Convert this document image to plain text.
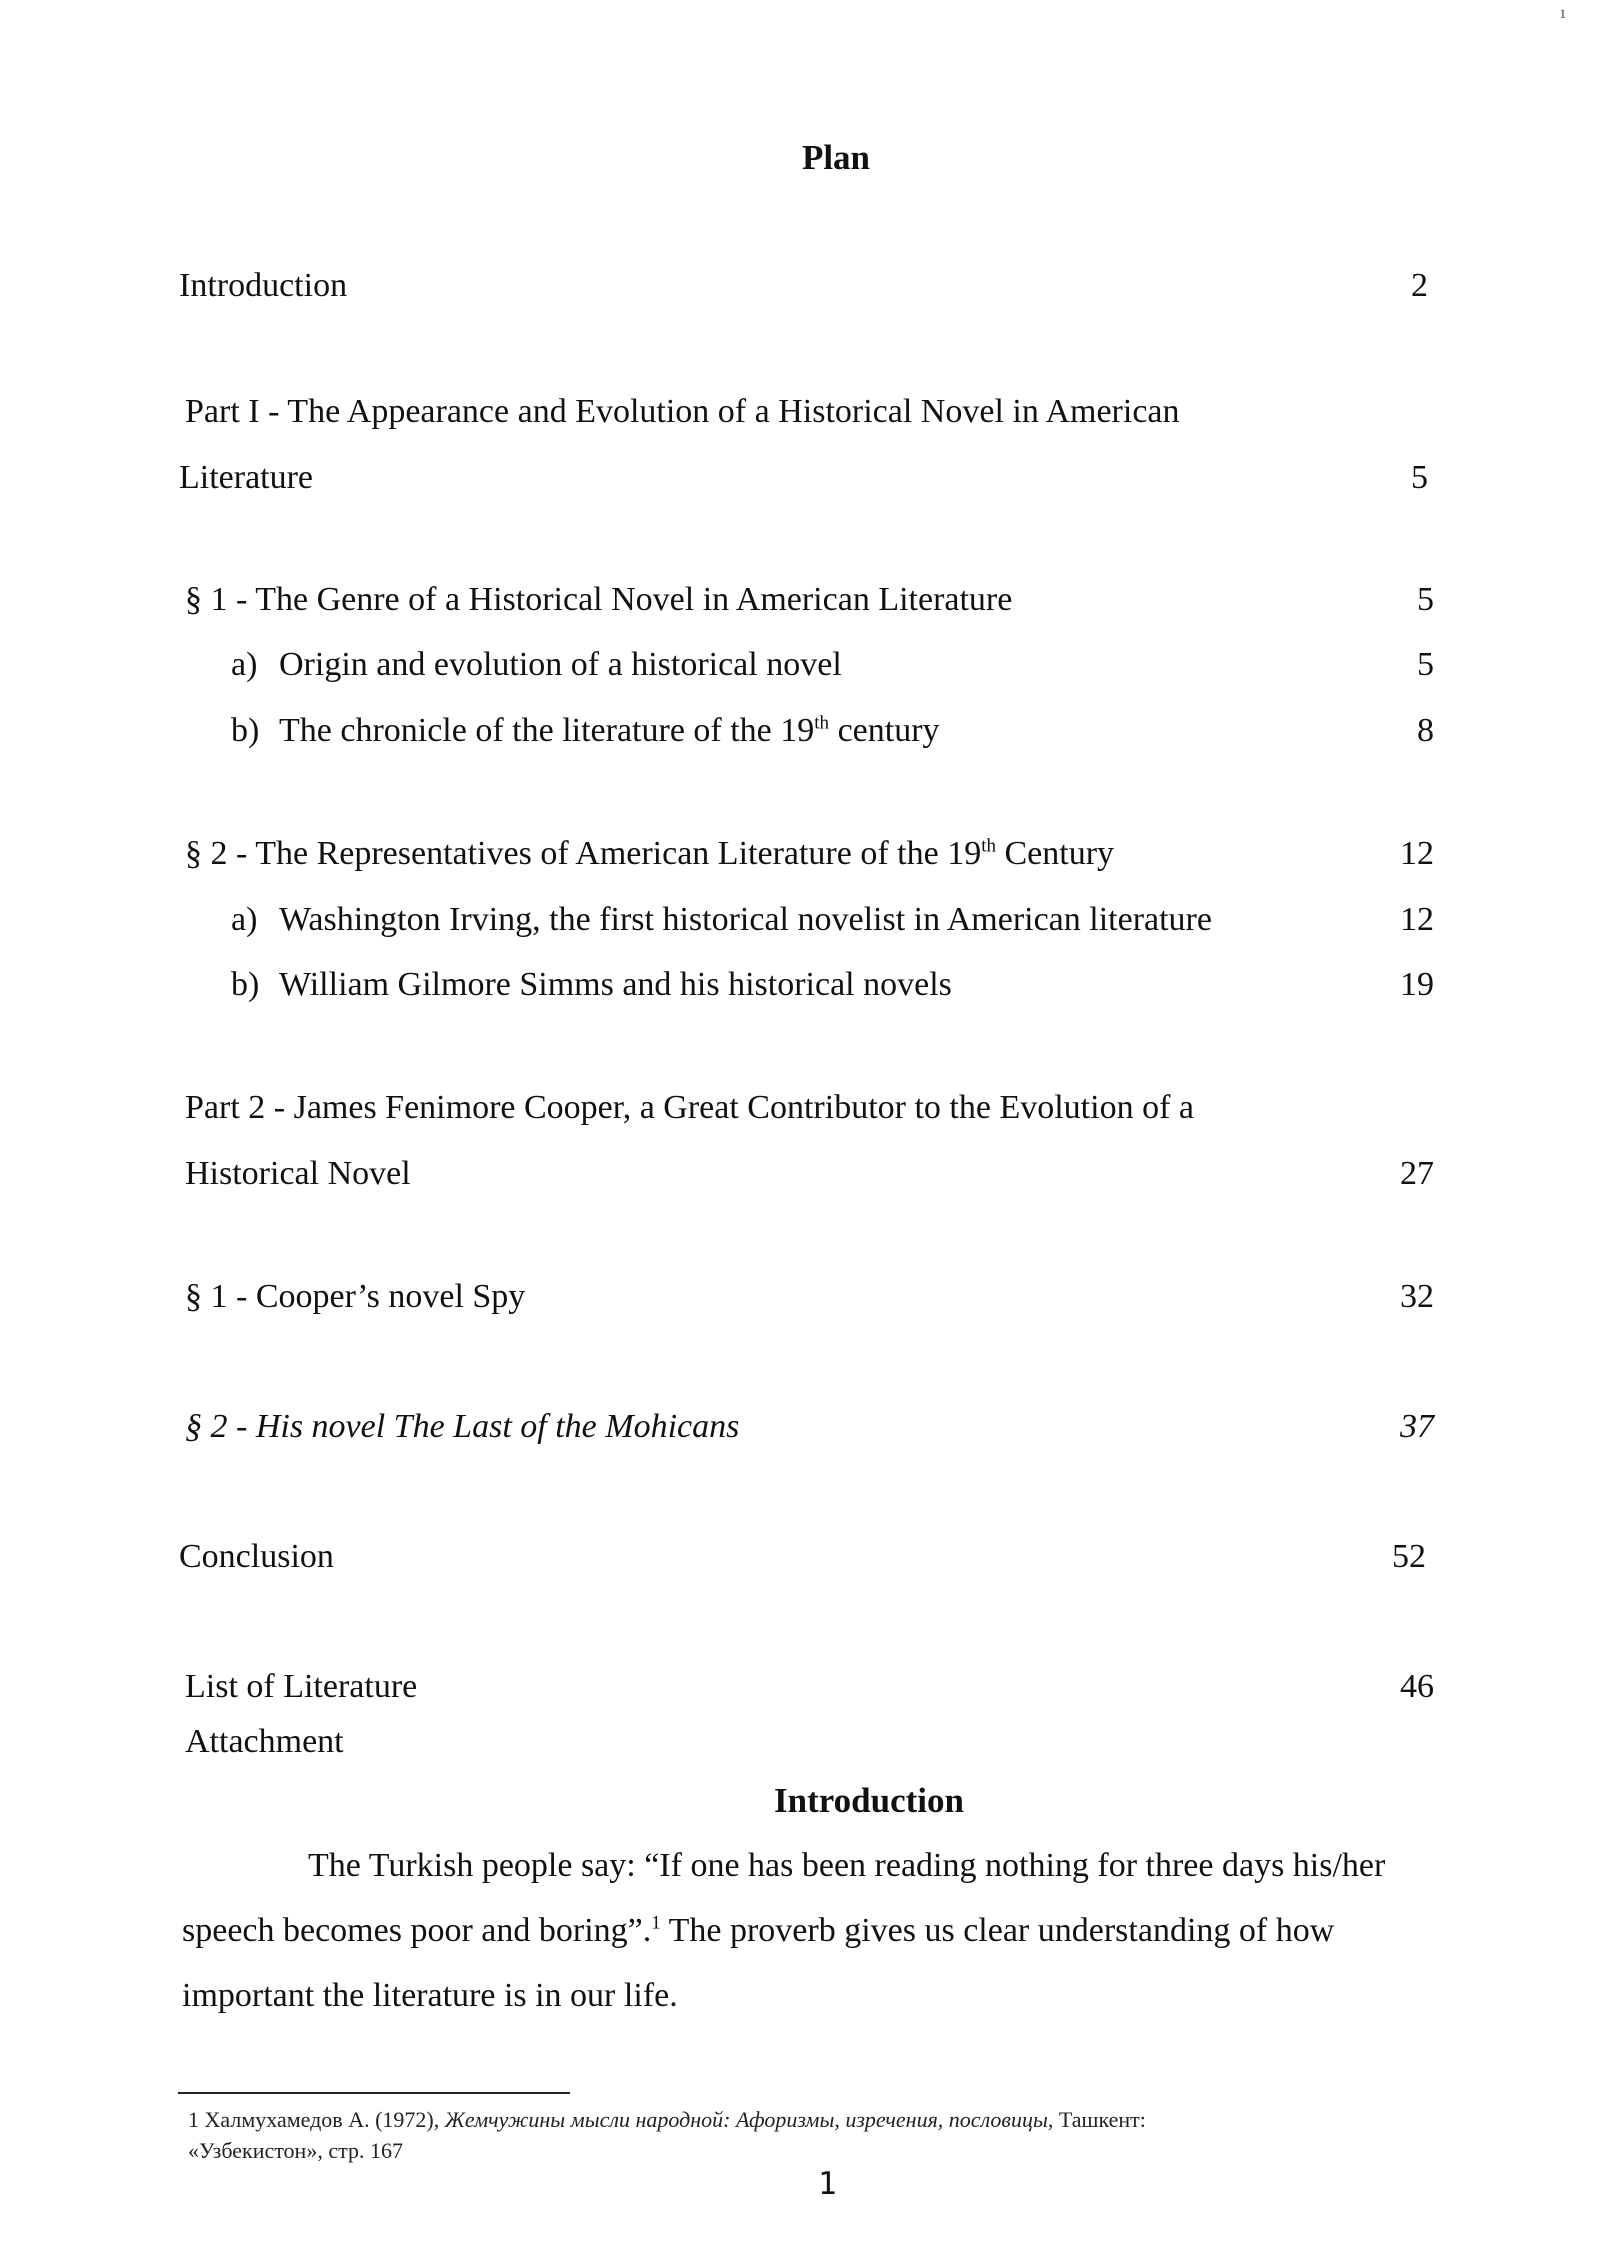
1
Plan
Introduction	2
Part I - The Appearance and Evolution of a Historical Novel in American
Literature	5
§ 1 - The Genre of a Historical Novel in American Literature	5
a) Origin and evolution of a historical novel	5
b) The chronicle of the literature of the 19th century	8
§ 2 - The Representatives of American Literature of the 19th Century	12
a) Washington Irving, the first historical novelist in American literature	12
b) William Gilmore Simms and his historical novels	19
Part 2 - James Fenimore Cooper, a Great Contributor to the Evolution of a
Historical Novel	27
§ 1 - Cooper’s novel Spy	32
§ 2 - His novel The Last of the Mohicans	37
Conclusion	52
List of Literature	46
Attachment
Introduction
The Turkish people say: “If one has been reading nothing for three days his/her
speech becomes poor and boring”.$^1$ The proverb gives us clear understanding of how
important the literature is in our life.
1 Халмухамедов А. (1972), Жемчужины мысли народной: Афоризмы, изречения, пословицы, Ташкент:
«Узбекистон», стр. 167
1
